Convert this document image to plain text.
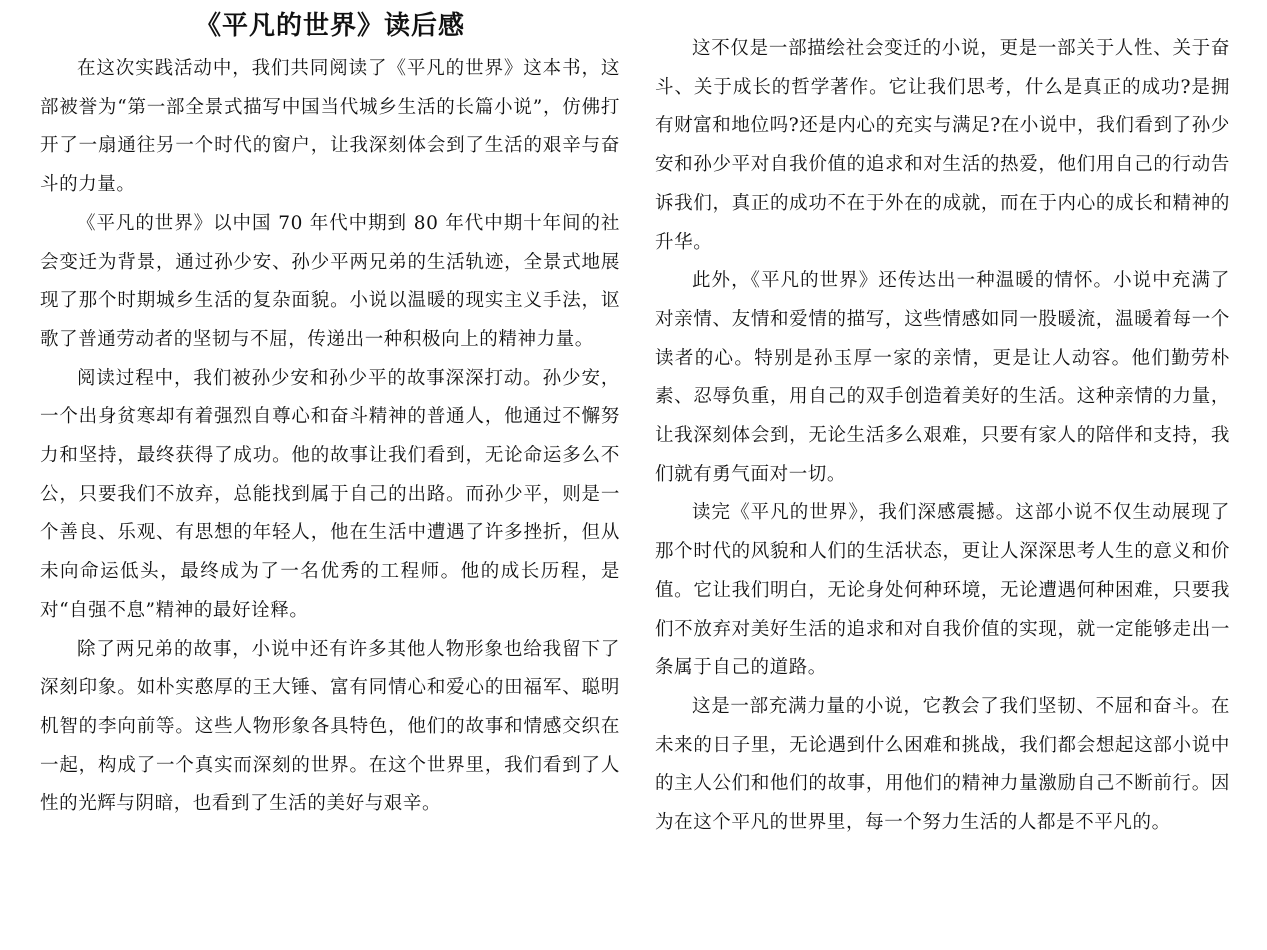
《平凡的世界》读后感

在这次实践活动中，我们共同阅读了《平凡的世界》这本书，这部被誉为“第一部全景式描写中国当代城乡生活的长篇小说”，仿佛打开了一扇通往另一个时代的窗户，让我深刻体会到了生活的艰辛与奋斗的力量。

《平凡的世界》以中国 70 年代中期到 80 年代中期十年间的社会变迁为背景，通过孙少安、孙少平两兄弟的生活轨迹，全景式地展现了那个时期城乡生活的复杂面貌。小说以温暖的现实主义手法，讴歌了普通劳动者的坚韧与不屈，传递出一种积极向上的精神力量。

阅读过程中，我们被孙少安和孙少平的故事深深打动。孙少安，一个出身贫寒却有着强烈自尊心和奋斗精神的普通人，他通过不懈努力和坚持，最终获得了成功。他的故事让我们看到，无论命运多么不公，只要我们不放弃，总能找到属于自己的出路。而孙少平，则是一个善良、乐观、有思想的年轻人，他在生活中遭遇了许多挫折，但从未向命运低头，最终成为了一名优秀的工程师。他的成长历程，是对“自强不息”精神的最好诠释。

除了两兄弟的故事，小说中还有许多其他人物形象也给我留下了深刻印象。如朴实憨厚的王大锤、富有同情心和爱心的田福军、聪明机智的李向前等。这些人物形象各具特色，他们的故事和情感交织在一起，构成了一个真实而深刻的世界。在这个世界里，我们看到了人性的光辉与阴暗，也看到了生活的美好与艰辛。

这不仅是一部描绘社会变迁的小说，更是一部关于人性、关于奋斗、关于成长的哲学著作。它让我们思考，什么是真正的成功?是拥有财富和地位吗?还是内心的充实与满足?在小说中，我们看到了孙少安和孙少平对自我价值的追求和对生活的热爱，他们用自己的行动告诉我们，真正的成功不在于外在的成就，而在于内心的成长和精神的升华。

此外，《平凡的世界》还传达出一种温暖的情怀。小说中充满了对亲情、友情和爱情的描写，这些情感如同一股暖流，温暖着每一个读者的心。特别是孙玉厚一家的亲情，更是让人动容。他们勤劳朴素、忍辱负重，用自己的双手创造着美好的生活。这种亲情的力量，让我深刻体会到，无论生活多么艰难，只要有家人的陪伴和支持，我们就有勇气面对一切。

读完《平凡的世界》，我们深感震撼。这部小说不仅生动展现了那个时代的风貌和人们的生活状态，更让人深深思考人生的意义和价值。它让我们明白，无论身处何种环境，无论遭遇何种困难，只要我们不放弃对美好生活的追求和对自我价值的实现，就一定能够走出一条属于自己的道路。

这是一部充满力量的小说，它教会了我们坚韧、不屈和奋斗。在未来的日子里，无论遇到什么困难和挑战，我们都会想起这部小说中的主人公们和他们的故事，用他们的精神力量激励自己不断前行。因为在这个平凡的世界里，每一个努力生活的人都是不平凡的。
